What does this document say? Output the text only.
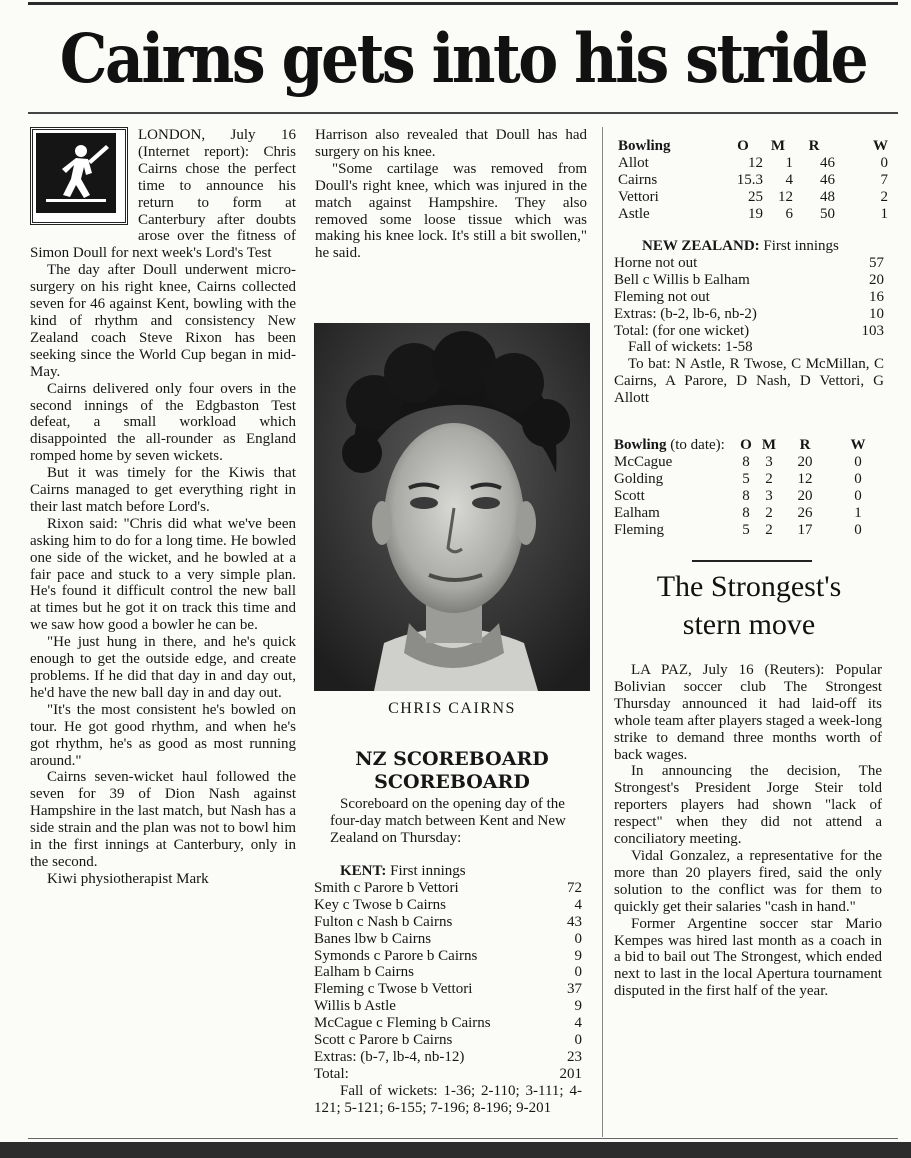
Cairns gets into his stride

LONDON, July 16 (Internet report): Chris Cairns chose the perfect time to announce his return to form at Canterbury after doubts arose over the fitness of Simon Doull for next week's Lord's Test

The day after Doull underwent micro-surgery on his right knee, Cairns collected seven for 46 against Kent, bowling with the kind of rhythm and consistency New Zealand coach Steve Rixon has been seeking since the World Cup began in mid-May.

Cairns delivered only four overs in the second innings of the Edgbaston Test defeat, a small workload which disappointed the all-rounder as England romped home by seven wickets.

But it was timely for the Kiwis that Cairns managed to get everything right in their last match before Lord's.

Rixon said: "Chris did what we've been asking him to do for a long time. He bowled one side of the wicket, and he bowled at a fair pace and stuck to a very simple plan. He's found it difficult control the new ball at times but he got it on track this time and we saw how good a bowler he can be.

"He just hung in there, and he's quick enough to get the outside edge, and create problems. If he did that day in and day out, he'd have the new ball day in and day out.

"It's the most consistent he's bowled on tour. He got good rhythm, and when he's got rhythm, he's as good as most running around."

Cairns seven-wicket haul followed the seven for 39 of Dion Nash against Hampshire in the last match, but Nash has a side strain and the plan was not to bowl him in the first innings at Canterbury, only in the second.

Kiwi physiotherapist Mark

Harrison also revealed that Doull has had surgery on his knee.

"Some cartilage was removed from Doull's right knee, which was injured in the match against Hampshire. They also removed some loose tissue which was making his knee lock. It's still a bit swollen," he said.

CHRIS CAIRNS
NZ SCOREBOARD
SCOREBOARD

Scoreboard on the opening day of the four-day match between Kent and New Zealand on Thursday:

KENT: First innings
Smith c Parore b Vettori	72
Key c Twose b Cairns	4
Fulton c Nash b Cairns	43
Banes lbw b Cairns	0
Symonds c Parore b Cairns	9
Ealham b Cairns	0
Fleming c Twose b Vettori	37
Willis b Astle	9
McCague c Fleming b Cairns	4
Scott c Parore b Cairns	0
Extras: (b-7, lb-4, nb-12)	23
Total:	201
Fall of wickets: 1-36; 2-110; 3-111; 4-121; 5-121; 6-155; 7-196; 8-196; 9-201
Bowling	O	M	R	W
Allot	12	1	46	0
Cairns	15.3	4	46	7
Vettori	25	12	48	2
Astle	19	6	50	1
NEW ZEALAND: First innings
Horne not out	57
Bell c Willis b Ealham	20
Fleming not out	16
Extras: (b-2, lb-6, nb-2)	10
Total: (for one wicket)	103
Fall of wickets: 1-58
To bat: N Astle, R Twose, C McMillan, C Cairns, A Parore, D Nash, D Vettori, G Allott
Bowling (to date):	O M	R	W
McCague	8	3	20	0
Golding	5	2	12	0
Scott	8	3	20	0
Ealham	8	2	26	1
Fleming	5	2	17	0
The Strongest's
stern move

LA PAZ, July 16 (Reuters): Popular Bolivian soccer club The Strongest Thursday announced it had laid-off its whole team after players staged a week-long strike to demand three months worth of back wages.

In announcing the decision, The Strongest's President Jorge Steir told reporters players had shown "lack of respect" when they did not attend a conciliatory meeting.

Vidal Gonzalez, a representative for the more than 20 players fired, said the only solution to the conflict was for them to quickly get their salaries "cash in hand."

Former Argentine soccer star Mario Kempes was hired last month as a coach in a bid to bail out The Strongest, which ended next to last in the local Apertura tournament disputed in the first half of the year.
